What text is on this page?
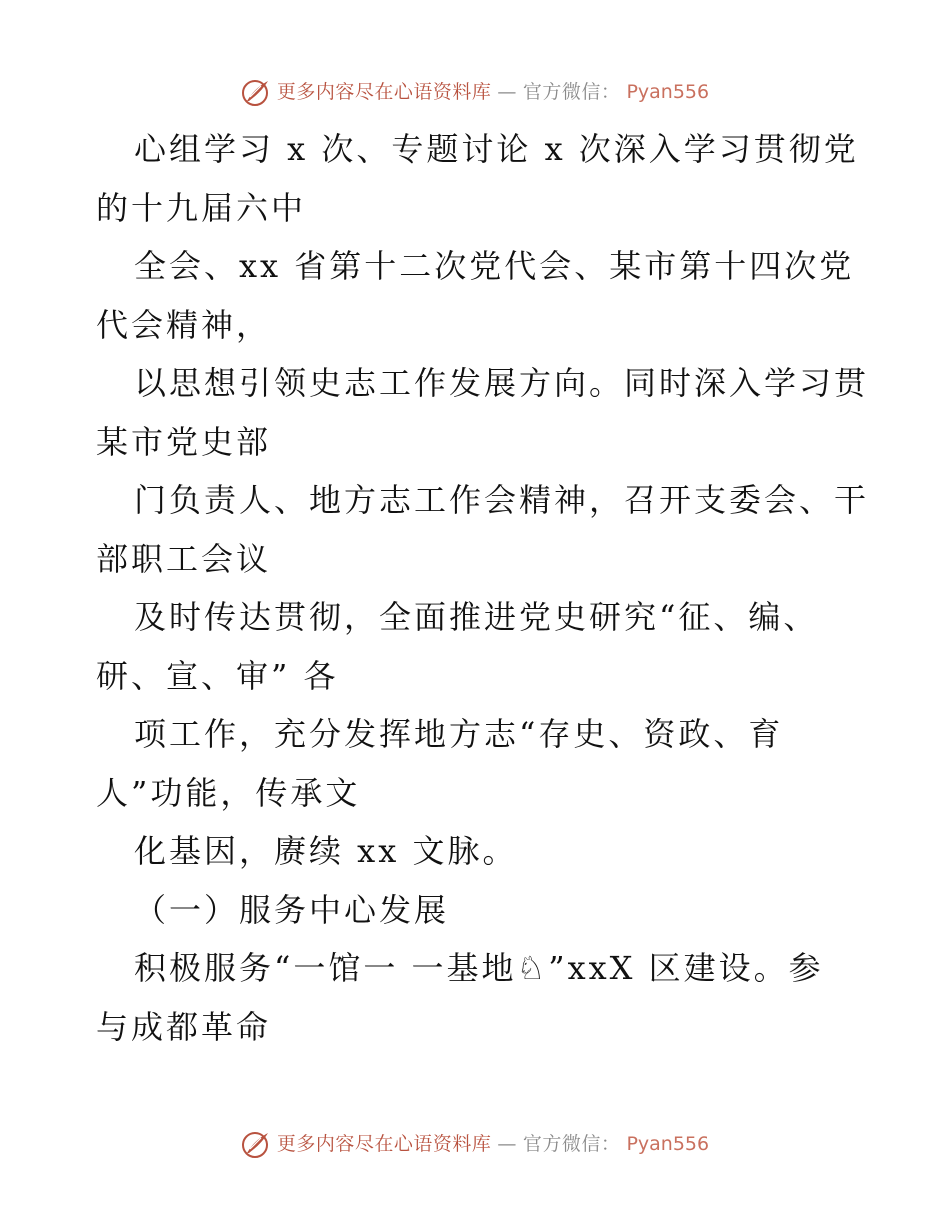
更多内容尽在心语资料库 — 官方微信： Pyan556
心组学习 x 次、专题讨论 x 次深入学习贯彻党
的十九届六中
全会、xx 省第十二次党代会、某市第十四次党
代会精神，
以思想引领史志工作发展方向。同时深入学习贯
某市党史部
门负责人、地方志工作会精神，召开支委会、干
部职工会议
及时传达贯彻，全面推进党史研究“征、编、
研、宣、审” 各
项工作，充分发挥地方志“存史、资政、育
人”功能，传承文
化基因，赓续 xx 文脉。
（一）服务中心发展
积极服务“一馆一 一基地♘”xxX 区建设。参
与成都革命
更多内容尽在心语资料库 — 官方微信： Pyan556
